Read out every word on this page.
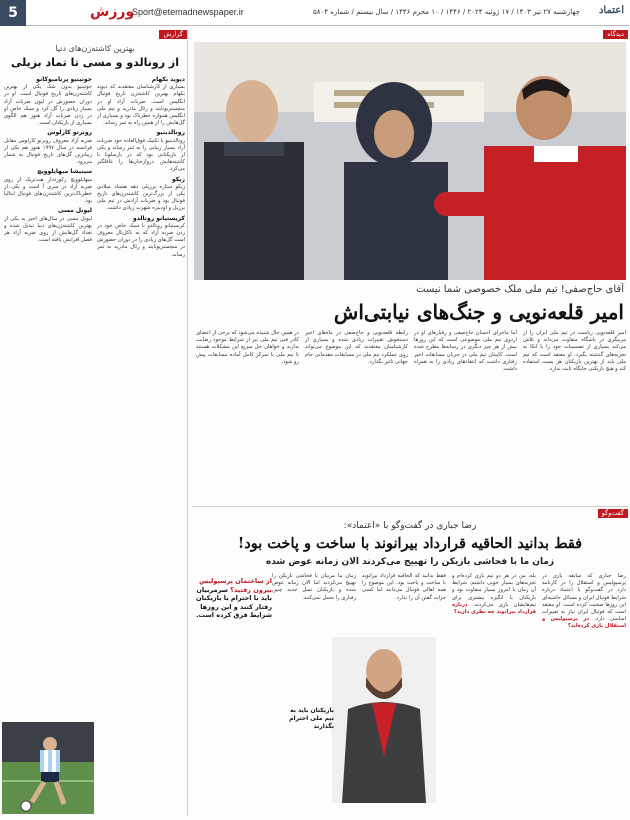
5	ورزش
Sport@etemadnewspaper.ir	چهارشنبه ۲۷ تیر ۱۴۰۳ / ۱۷ ژوئیه ۲۰۲۴ / ۱۴۴۶ / ۱۰ محرم ۱۴۴۶ / سال بیستم / شماره ۵۸۰۴ اعتماد
گزارش
بهترین کاشته‌زن‌های دنیا
از رونالدو و مسی تا تماد بزیلی
دیوید بکهام
بسیاری از کارشناسان معتقدند که دیوید بکهام بهترین کاشته‌زن تاریخ فوتبال انگلیس است. ضربات آزاد او در منچستریونایتد و رئال مادرید و تیم ملی انگلیس همواره خطرناک بود و بسیاری از گل‌هایش را از همین راه به ثمر رساند.
رونالدینیو
رونالدینیو با تکنیک فوق‌العاده خود ضربات آزاد بسیار زیبایی را به ثمر رساند و یکی از بازیکنانی بود که در بارسلونا با کاشته‌هایش دروازه‌بان‌ها را غافلگیر می‌کرد.
زیکو
زیکو ستاره برزیلی دهه هشتاد میلادی یکی از بزرگ‌ترین کاشته‌زن‌های تاریخ فوتبال بود و ضربات آزادش در تیم ملی برزیل و اودینزه شهرت زیادی داشت.
کریستیانو رونالدو
کریستیانو رونالدو با سبک خاص خود در زدن ضربه آزاد که به ناکل‌بال معروف است گل‌های زیادی را در دوران حضورش در منچستریونایتد و رئال مادرید به ثمر رساند.
جونینیو پرنامبوکانو
جونینیو بدون شک یکی از بهترین کاشته‌زن‌های تاریخ فوتبال است. او در دوران حضورش در لیون ضربات آزاد بسیار زیادی را گل کرد و سبک خاص او در زدن ضربات آزاد هنوز هم الگوی بسیاری از بازیکنان است.
روبرتو کارلوس
ضربه آزاد معروف روبرتو کارلوس مقابل فرانسه در سال ۱۹۹۷ هنوز هم یکی از زیباترین گل‌های تاریخ فوتبال به شمار می‌رود.
سینیشا میهایلوویچ
میهایلوویچ رکورددار هت‌تریک از روی ضربه آزاد در سری آ است و یکی از خطرناک‌ترین کاشته‌زن‌های فوتبال ایتالیا بود.
لیونل مسی
لیونل مسی در سال‌های اخیر به یکی از بهترین کاشته‌زن‌های دنیا تبدیل شده و تعداد گل‌هایش از روی ضربه آزاد هر فصل افزایش یافته است.
دیدگاه
آقای حاج‌صفی! تیم ملی ملک خصوصی شما نیست
امیر قلعه‌نویی و جنگ‌های نیابتی‌اش
امیر قلعه‌نویی ریاست در تیم ملی ایران را از مربیگری در باشگاه متفاوت می‌داند و تلاش می‌کند بسیاری از تصمیمات خود را با اتکا به تجربه‌های گذشته بگیرد. او معتقد است که تیم ملی باید از بهترین بازیکنان هر پست استفاده کند و هیچ بازیکنی جایگاه ثابت ندارد.
اما ماجرای احسان حاج‌صفی و رفتارهای او در اردوی تیم ملی موضوعی است که این روزها بیش از هر چیز دیگری در رسانه‌ها مطرح شده است. کاپیتان تیم ملی در جریان مسابقات اخیر رفتاری داشت که انتقادهای زیادی را به همراه داشت.
رابطه قلعه‌نویی و حاج‌صفی در ماه‌های اخیر دستخوش تغییرات زیادی شده و بسیاری از کارشناسان معتقدند که این موضوع می‌تواند روی عملکرد تیم ملی در مسابقات مقدماتی جام جهانی تاثیر بگذارد.
در همین حال شنیده می‌شود که برخی از اعضای کادر فنی تیم ملی نیز از شرایط موجود رضایت ندارند و خواهان حل سریع این مشکلات هستند تا تیم ملی با تمرکز کامل آماده مسابقات پیش رو شود.
گفت‌وگو
رضا جباری در گفت‌وگو با «اعتماد»:
فقط بدانید الحاقیه قرارداد بیرانوند با ساخت و پاخت بود!
زمان ما با فحاشی بازیکن را تهییج می‌کردند الان زمانه عوض شده
رضا جباری که سابقه بازی در پرسپولیس و استقلال را در کارنامه دارد در گفت‌وگو با اعتماد درباره شرایط فوتبال ایران و مسائل حاشیه‌ای این روزها صحبت کرده است. او معتقد است که فوتبال ایران نیاز به تغییرات اساسی دارد. در پرسپولیس و استقلال بازی کرده‌اید؟
بله، من در هر دو تیم بازی کرده‌ام و تجربه‌های بسیار خوبی داشتم. شرایط آن زمان با امروز بسیار متفاوت بود و بازیکنان با انگیزه بیشتری برای تیم‌هایشان بازی می‌کردند. درباره قرارداد بیرانوند چه نظری دارید؟
فقط بدانید که الحاقیه قرارداد بیرانوند با ساخت و پاخت بود. این موضوع را همه اهالی فوتبال می‌دانند اما کسی جرات گفتن آن را ندارد.
زمان ما مربیان با فحاشی بازیکن را تهییج می‌کردند اما الان زمانه عوض شده و بازیکنان نسل جدید چنین رفتاری را تحمل نمی‌کنند.
بازیکنان باید به تیم ملی احترام بگذارند
از ساختمان پرسپولیس بیرون رفتید؟ سرمربیان باید با احترام با بازیکنان رفتار کنند و این روزها شرایط فرق کرده است.
